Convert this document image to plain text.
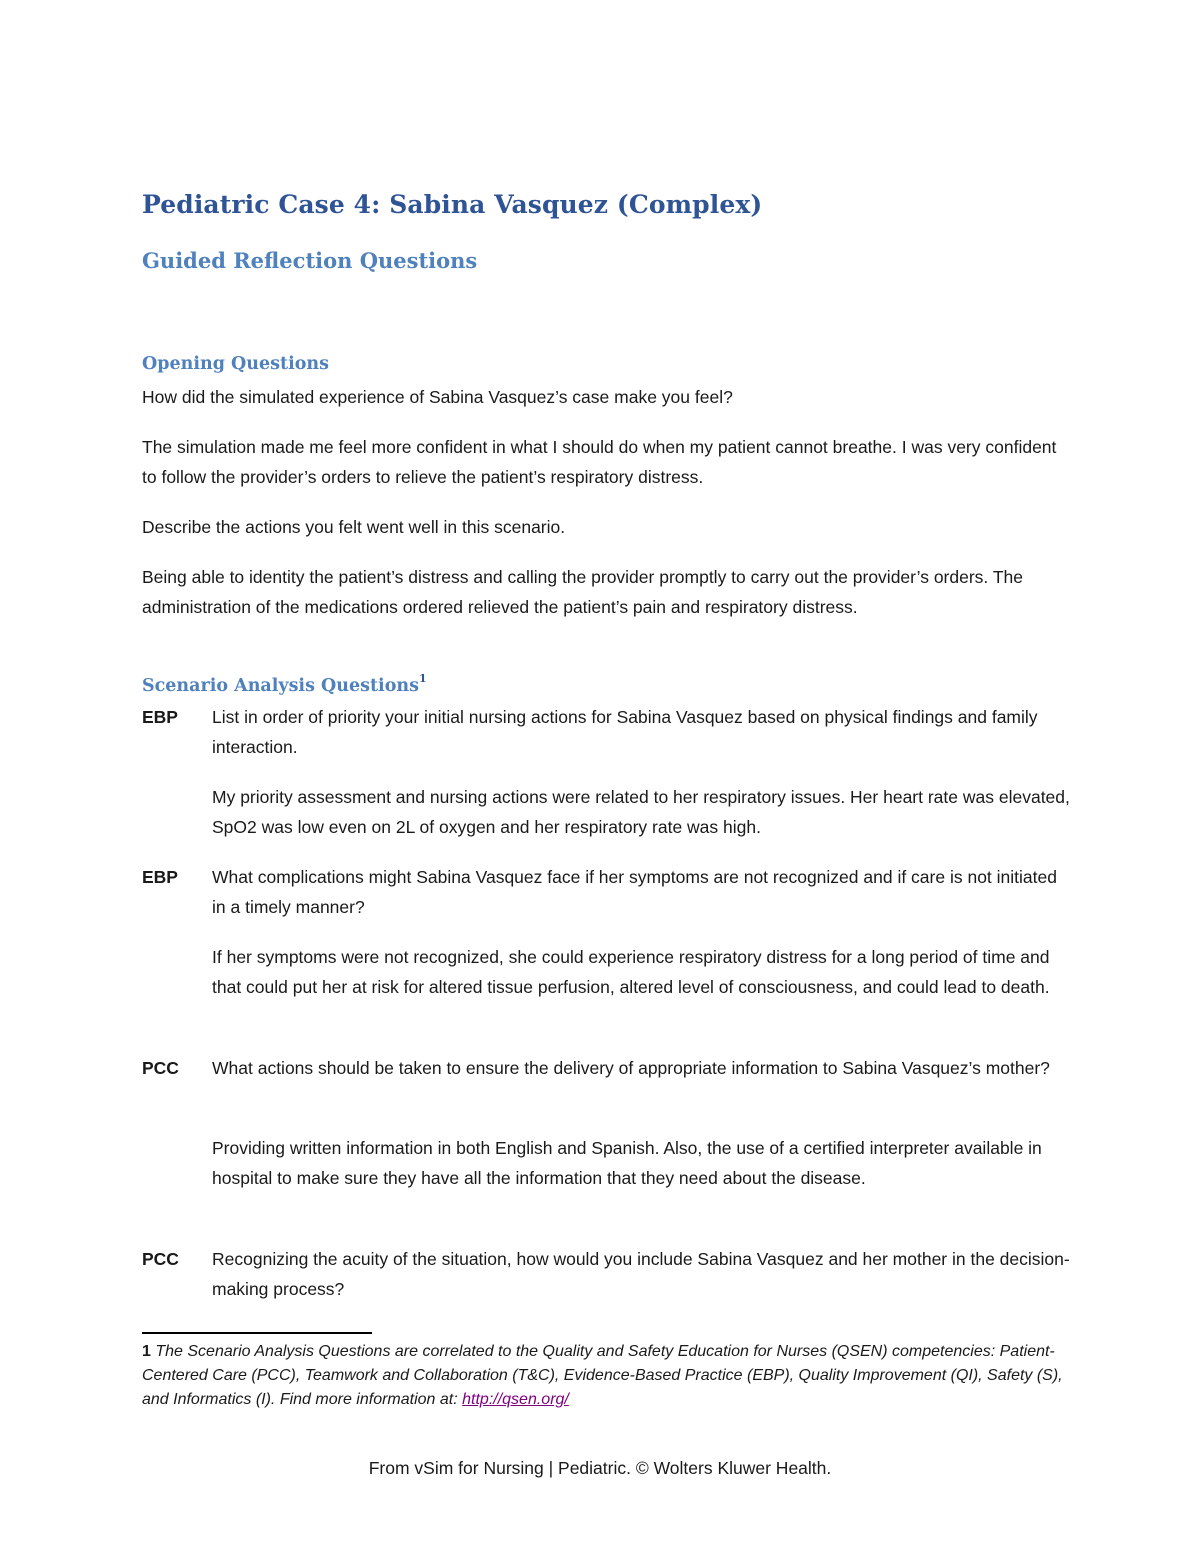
Pediatric Case 4: Sabina Vasquez (Complex)
Guided Reflection Questions
Opening Questions
How did the simulated experience of Sabina Vasquez’s case make you feel?
The simulation made me feel more confident in what I should do when my patient cannot breathe. I was very confident to follow the provider’s orders to relieve the patient’s respiratory distress.
Describe the actions you felt went well in this scenario.
Being able to identity the patient’s distress and calling the provider promptly to carry out the provider’s orders. The administration of the medications ordered relieved the patient’s pain and respiratory distress.
Scenario Analysis Questions$^1$
EBP List in order of priority your initial nursing actions for Sabina Vasquez based on physical findings and family interaction.
My priority assessment and nursing actions were related to her respiratory issues. Her heart rate was elevated, SpO2 was low even on 2L of oxygen and her respiratory rate was high.
EBP What complications might Sabina Vasquez face if her symptoms are not recognized and if care is not initiated in a timely manner?
If her symptoms were not recognized, she could experience respiratory distress for a long period of time and that could put her at risk for altered tissue perfusion, altered level of consciousness, and could lead to death.
PCC What actions should be taken to ensure the delivery of appropriate information to Sabina Vasquez’s mother?
Providing written information in both English and Spanish. Also, the use of a certified interpreter available in hospital to make sure they have all the information that they need about the disease.
PCC Recognizing the acuity of the situation, how would you include Sabina Vasquez and her mother in the decision-making process?
1 The Scenario Analysis Questions are correlated to the Quality and Safety Education for Nurses (QSEN) competencies: Patient-Centered Care (PCC), Teamwork and Collaboration (T&C), Evidence-Based Practice (EBP), Quality Improvement (QI), Safety (S), and Informatics (I). Find more information at: http://qsen.org/
From vSim for Nursing | Pediatric. © Wolters Kluwer Health.
